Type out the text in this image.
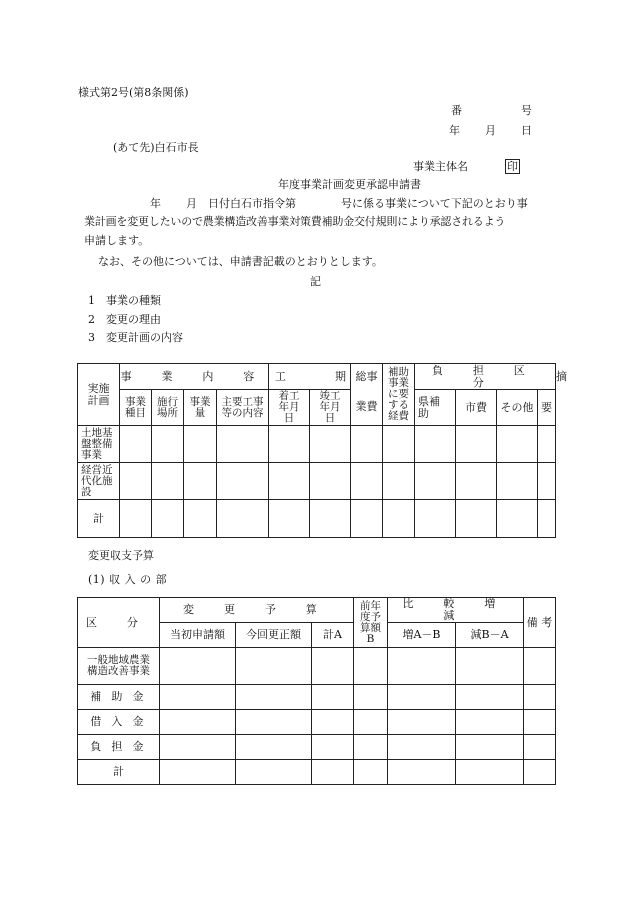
様式第2号(第8条関係)
番	号
年 月 日
(あて先)白石市長
事業主体名	印
年度事業計画変更承認申請書
年 月 日付白石市指令第	号に係る事業について下記のとおり事
業計画を変更したいので農業構造改善事業対策費補助金交付規則により承認されるよう
申請します。
なお、その他については、申請書記載のとおりとします。
記
1 事業の種類
2 変更の理由
3 変更計画の内容
実施計画	事 業 内 容				工 期		総事	補助事業に要する経費	負 担 区 分				摘
	事業種目	施行場所	事業量	主要工事等の内容	着工年月日	竣工年月日	業費		県補助	市費	その他	要	
土地基盤整備事業													
経営近代化施設													
計													
変更収支予算
(1) 収 入 の 部
区 分	変 更 予 算			前年度予算額B	比 較 増 減		備 考
	当初申請額	今回更正額	計A		増A－B	減B－A	
一般地域農業構造改善事業							
補 助 金							
借 入 金							
負 担 金							
計							
